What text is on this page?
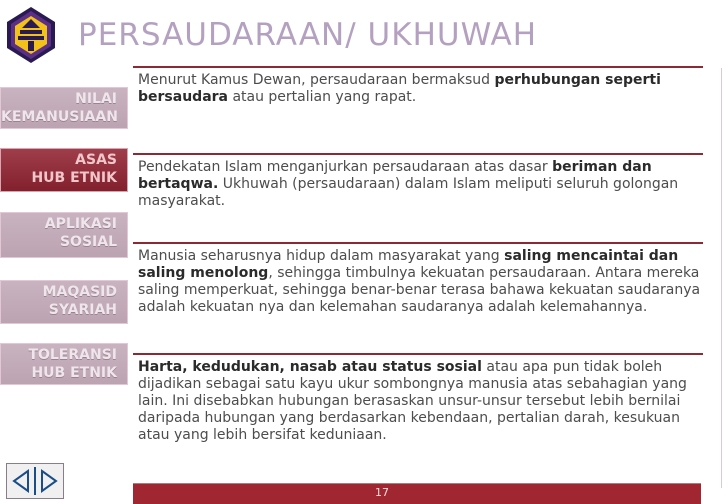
PERSAUDARAAN/ UKHUWAH
NILAI
KEMANUSIAAN
ASAS
HUB ETNIK
APLIKASI
SOSIAL
MAQASID
SYARIAH
TOLERANSI
HUB ETNIK

Menurut Kamus Dewan, persaudaraan bermaksud perhubungan seperti bersaudara atau pertalian yang rapat.

Pendekatan Islam menganjurkan persaudaraan atas dasar beriman dan bertaqwa. Ukhuwah (persaudaraan) dalam Islam meliputi seluruh golongan masyarakat.

Manusia seharusnya hidup dalam masyarakat yang saling mencaintai dan saling menolong, sehingga timbulnya kekuatan persaudaraan. Antara mereka saling memperkuat, sehingga benar-benar terasa bahawa kekuatan saudaranya adalah kekuatan nya dan kelemahan saudaranya adalah kelemahannya.

Harta, kedudukan, nasab atau status sosial atau apa pun tidak boleh dijadikan sebagai satu kayu ukur sombongnya manusia atas sebahagian yang lain. Ini disebabkan hubungan berasaskan unsur-unsur tersebut lebih bernilai daripada hubungan yang berdasarkan kebendaan, pertalian darah, kesukuan atau yang lebih bersifat keduniaan.

17
